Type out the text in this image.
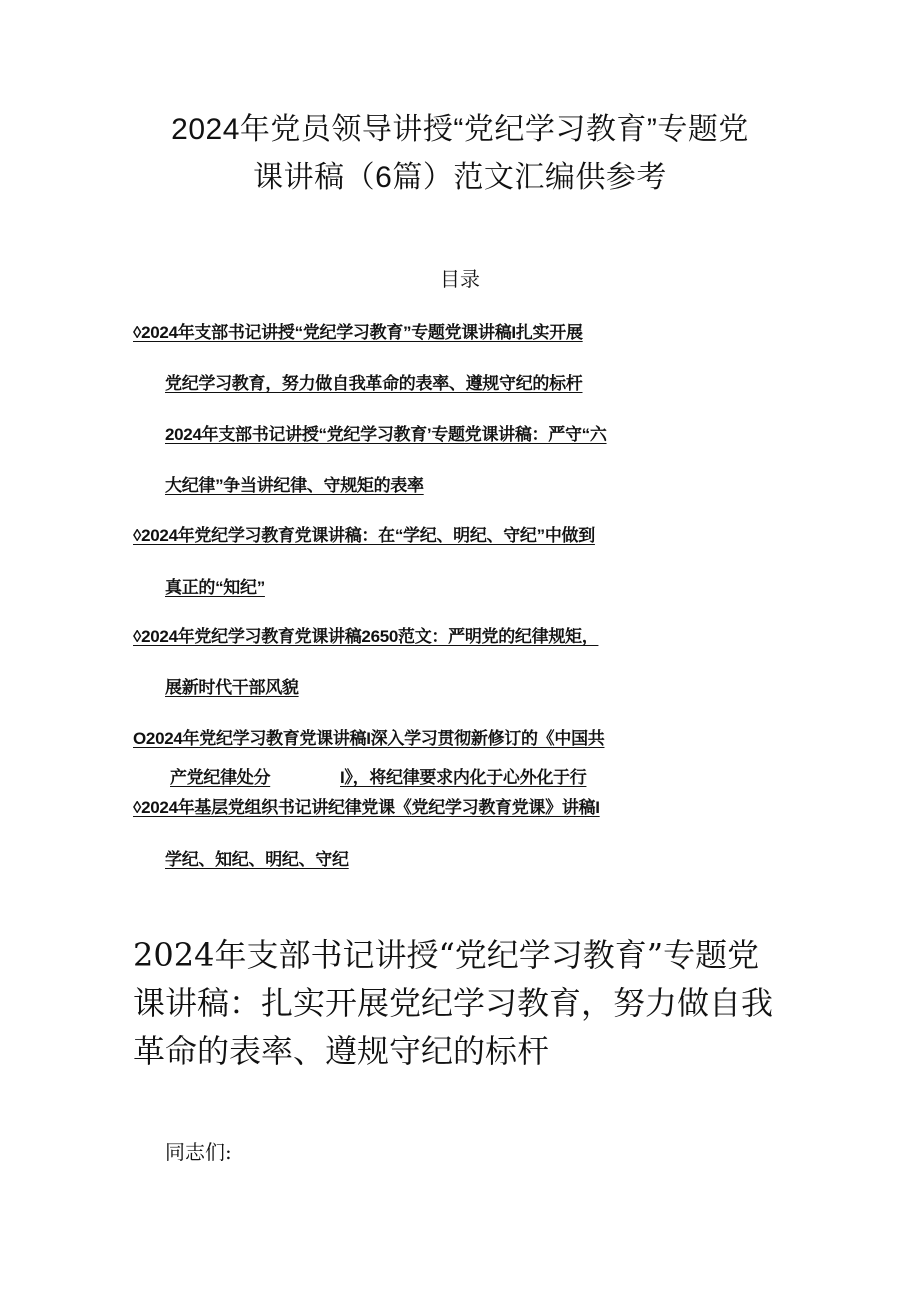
2024年党员领导讲授“党纪学习教育”专题党
课讲稿（6篇）范文汇编供参考
目录
◊2024年支部书记讲授“党纪学习教育”专题党课讲稿I扎实开展
党纪学习教育，努力做自我革命的表率、遵规守纪的标杆
2024年支部书记讲授“党纪学习教育’专题党课讲稿：严守“六
大纪律”争当讲纪律、守规矩的表率
◊2024年党纪学习教育党课讲稿：在“学纪、明纪、守纪”中做到
真正的“知纪”
◊2024年党纪学习教育党课讲稿2650范文：严明党的纪律规矩，
展新时代干部风貌
O2024年党纪学习教育党课讲稿I深入学习贯彻新修订的《中国共
产党纪律处分	I》，将纪律要求内化于心外化于行
◊2024年基层党组织书记讲纪律党课《党纪学习教育党课》讲稿I
学纪、知纪、明纪、守纪
2024年支部书记讲授“党纪学习教育”专题党
课讲稿：扎实开展党纪学习教育，努力做自我
革命的表率、遵规守纪的标杆
同志们:
